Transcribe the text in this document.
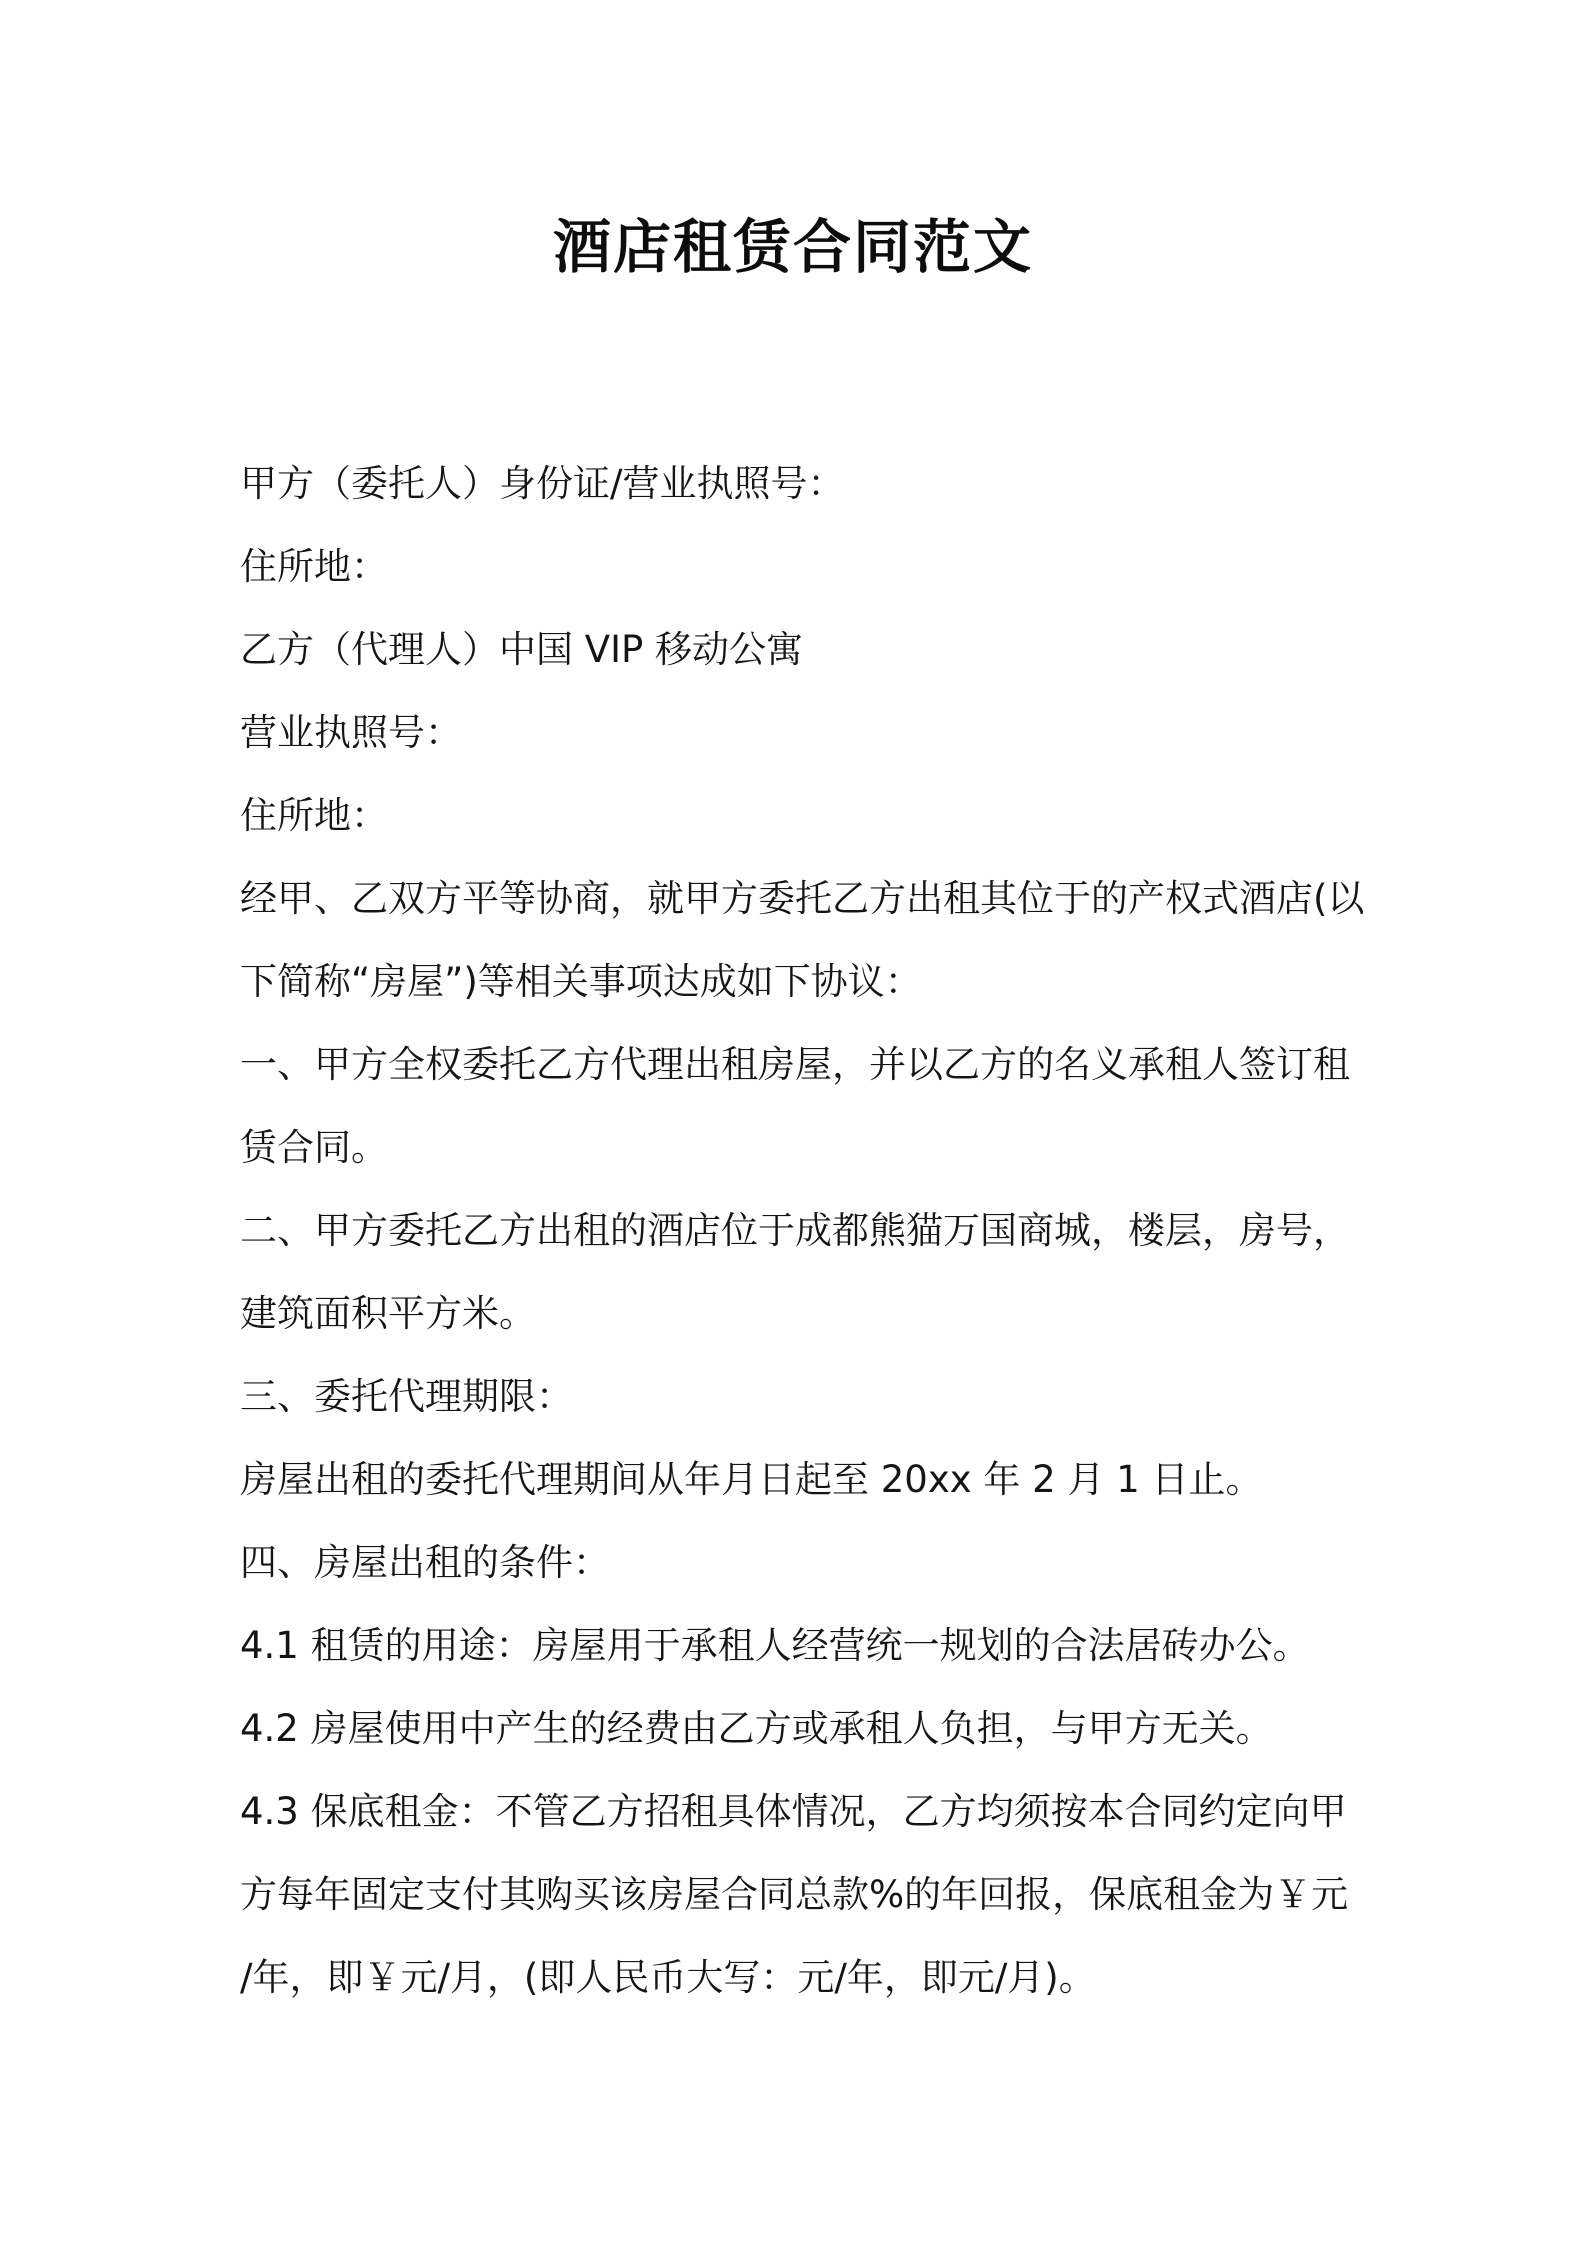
酒店租赁合同范文

甲方（委托人）身份证/营业执照号：

住所地：

乙方（代理人）中国 VIP 移动公寓

营业执照号：

住所地：

经甲、乙双方平等协商，就甲方委托乙方出租其位于的产权式酒店(以

下简称“房屋”)等相关事项达成如下协议：

一、甲方全权委托乙方代理出租房屋，并以乙方的名义承租人签订租

赁合同。

二、甲方委托乙方出租的酒店位于成都熊猫万国商城，楼层，房号，

建筑面积平方米。

三、委托代理期限：

房屋出租的委托代理期间从年月日起至 20xx 年 2 月 1 日止。

四、房屋出租的条件：

4.1 租赁的用途：房屋用于承租人经营统一规划的合法居砖办公。

4.2 房屋使用中产生的经费由乙方或承租人负担，与甲方无关。

4.3 保底租金：不管乙方招租具体情况，乙方均须按本合同约定向甲

方每年固定支付其购买该房屋合同总款%的年回报，保底租金为￥元

/年，即￥元/月，(即人民币大写：元/年，即元/月)。
